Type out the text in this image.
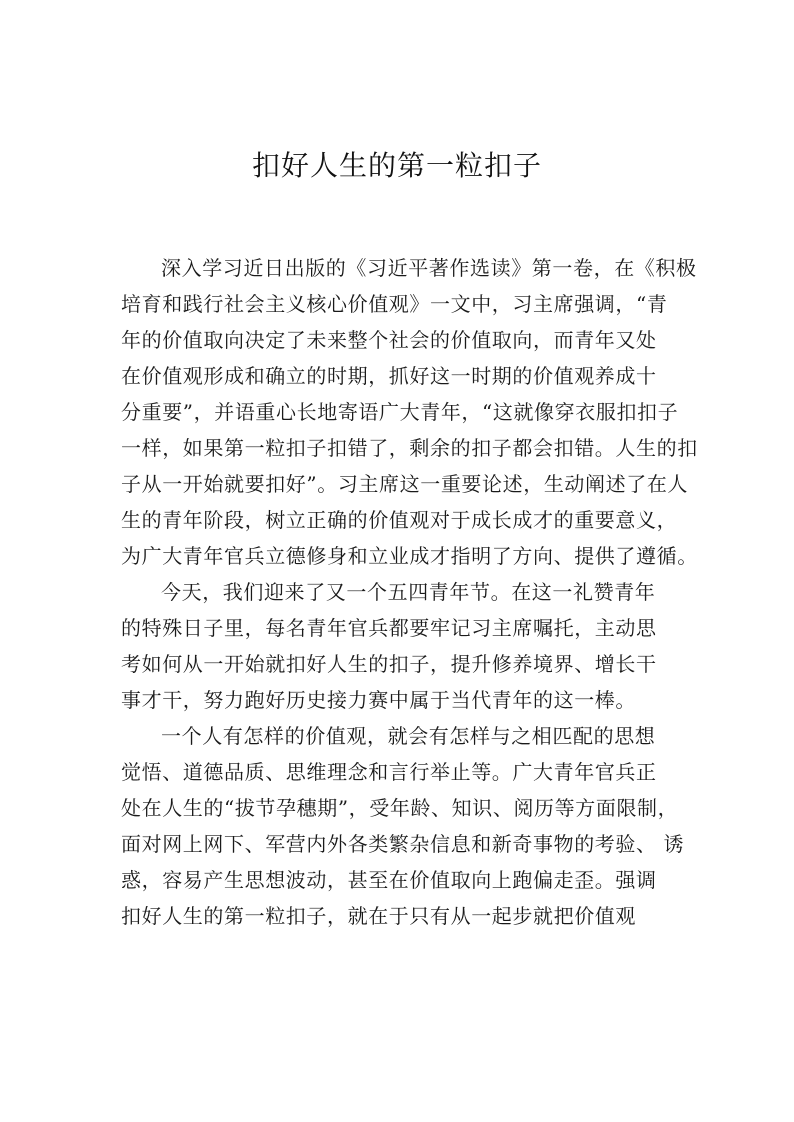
扣好人生的第一粒扣子
深入学习近日出版的《习近平著作选读》第一卷，在《积极
培育和践行社会主义核心价值观》一文中，习主席强调，“青
年的价值取向决定了未来整个社会的价值取向，而青年又处
在价值观形成和确立的时期，抓好这一时期的价值观养成十
分重要”，并语重心长地寄语广大青年，“这就像穿衣服扣扣子
一样，如果第一粒扣子扣错了，剩余的扣子都会扣错。人生的扣
子从一开始就要扣好”。习主席这一重要论述，生动阐述了在人
生的青年阶段，树立正确的价值观对于成长成才的重要意义，
为广大青年官兵立德修身和立业成才指明了方向、提供了遵循。
今天，我们迎来了又一个五四青年节。在这一礼赞青年
的特殊日子里，每名青年官兵都要牢记习主席嘱托，主动思
考如何从一开始就扣好人生的扣子，提升修养境界、增长干
事才干，努力跑好历史接力赛中属于当代青年的这一棒。
一个人有怎样的价值观，就会有怎样与之相匹配的思想
觉悟、道德品质、思维理念和言行举止等。广大青年官兵正
处在人生的“拔节孕穗期”，受年龄、知识、阅历等方面限制，
面对网上网下、军营内外各类繁杂信息和新奇事物的考验、 诱
惑，容易产生思想波动，甚至在价值取向上跑偏走歪。强调
扣好人生的第一粒扣子，就在于只有从一起步就把价值观
